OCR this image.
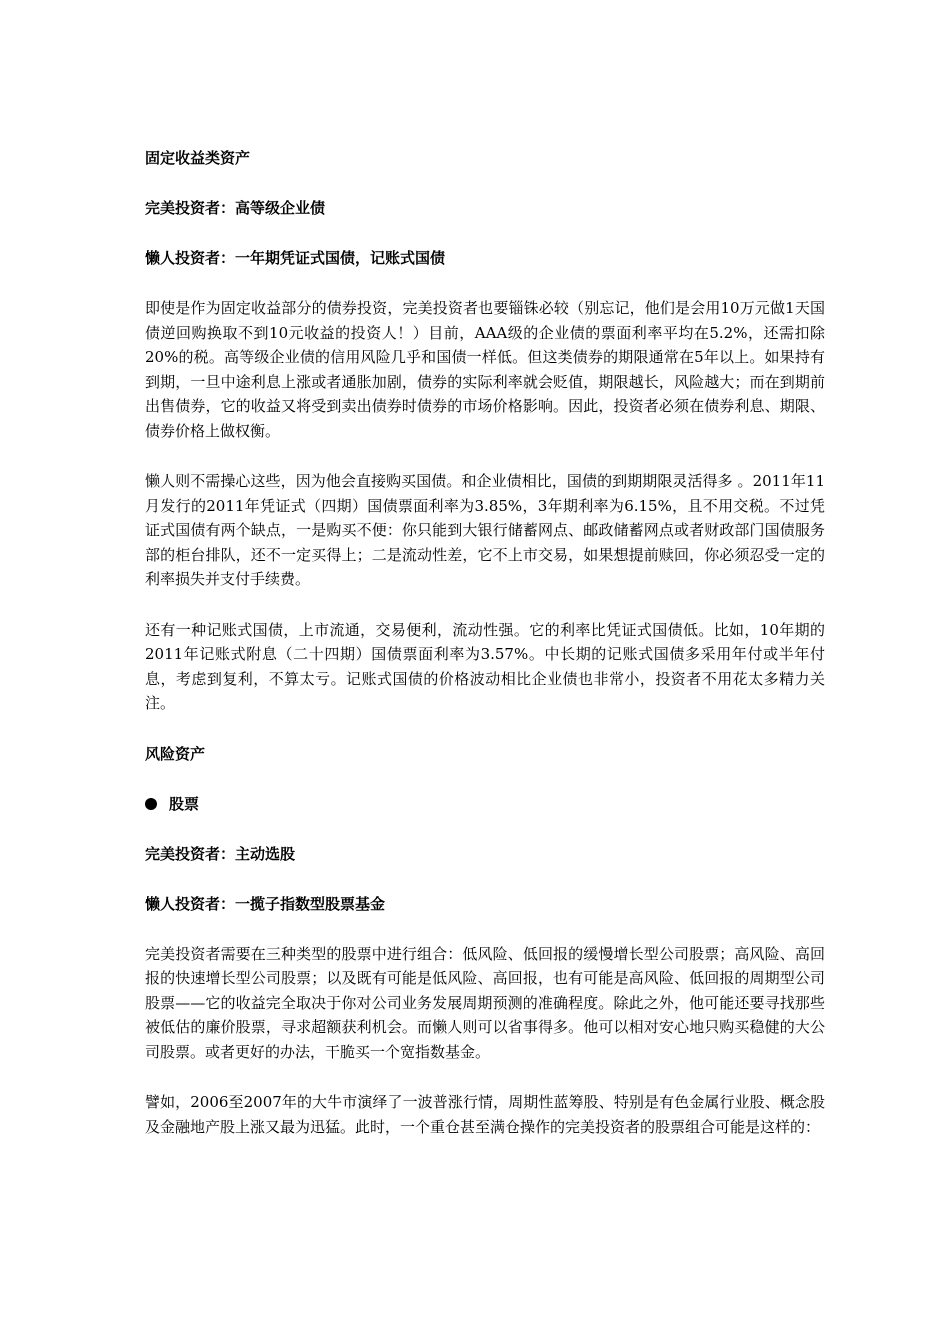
固定收益类资产
完美投资者：高等级企业债
懒人投资者：一年期凭证式国债，记账式国债

即使是作为固定收益部分的债券投资，完美投资者也要锱铢必较（别忘记，他们是会用10万元做1天国债逆回购换取不到10元收益的投资人！）目前，AAA级的企业债的票面利率平均在5.2%，还需扣除20%的税。高等级企业债的信用风险几乎和国债一样低。但这类债券的期限通常在5年以上。如果持有到期，一旦中途利息上涨或者通胀加剧，债券的实际利率就会贬值，期限越长，风险越大；而在到期前出售债券，它的收益又将受到卖出债券时债券的市场价格影响。因此，投资者必须在债券利息、期限、债券价格上做权衡。

懒人则不需操心这些，因为他会直接购买国债。和企业债相比，国债的到期期限灵活得多 。2011年11月发行的2011年凭证式（四期）国债票面利率为3.85%，3年期利率为6.15%，且不用交税。不过凭证式国债有两个缺点，一是购买不便：你只能到大银行储蓄网点、邮政储蓄网点或者财政部门国债服务部的柜台排队，还不一定买得上；二是流动性差，它不上市交易，如果想提前赎回，你必须忍受一定的利率损失并支付手续费。

还有一种记账式国债，上市流通，交易便利，流动性强。它的利率比凭证式国债低。比如，10年期的2011年记账式附息（二十四期）国债票面利率为3.57%。中长期的记账式国债多采用年付或半年付息，考虑到复利，不算太亏。记账式国债的价格波动相比企业债也非常小，投资者不用花太多精力关注。

风险资产
股票
完美投资者：主动选股
懒人投资者：一揽子指数型股票基金

完美投资者需要在三种类型的股票中进行组合：低风险、低回报的缓慢增长型公司股票；高风险、高回报的快速增长型公司股票；以及既有可能是低风险、高回报，也有可能是高风险、低回报的周期型公司股票——它的收益完全取决于你对公司业务发展周期预测的准确程度。除此之外，他可能还要寻找那些被低估的廉价股票，寻求超额获利机会。而懒人则可以省事得多。他可以相对安心地只购买稳健的大公司股票。或者更好的办法，干脆买一个宽指数基金。

譬如，2006至2007年的大牛市演绎了一波普涨行情，周期性蓝筹股、特别是有色金属行业股、概念股及金融地产股上涨又最为迅猛。此时，一个重仓甚至满仓操作的完美投资者的股票组合可能是这样的：
